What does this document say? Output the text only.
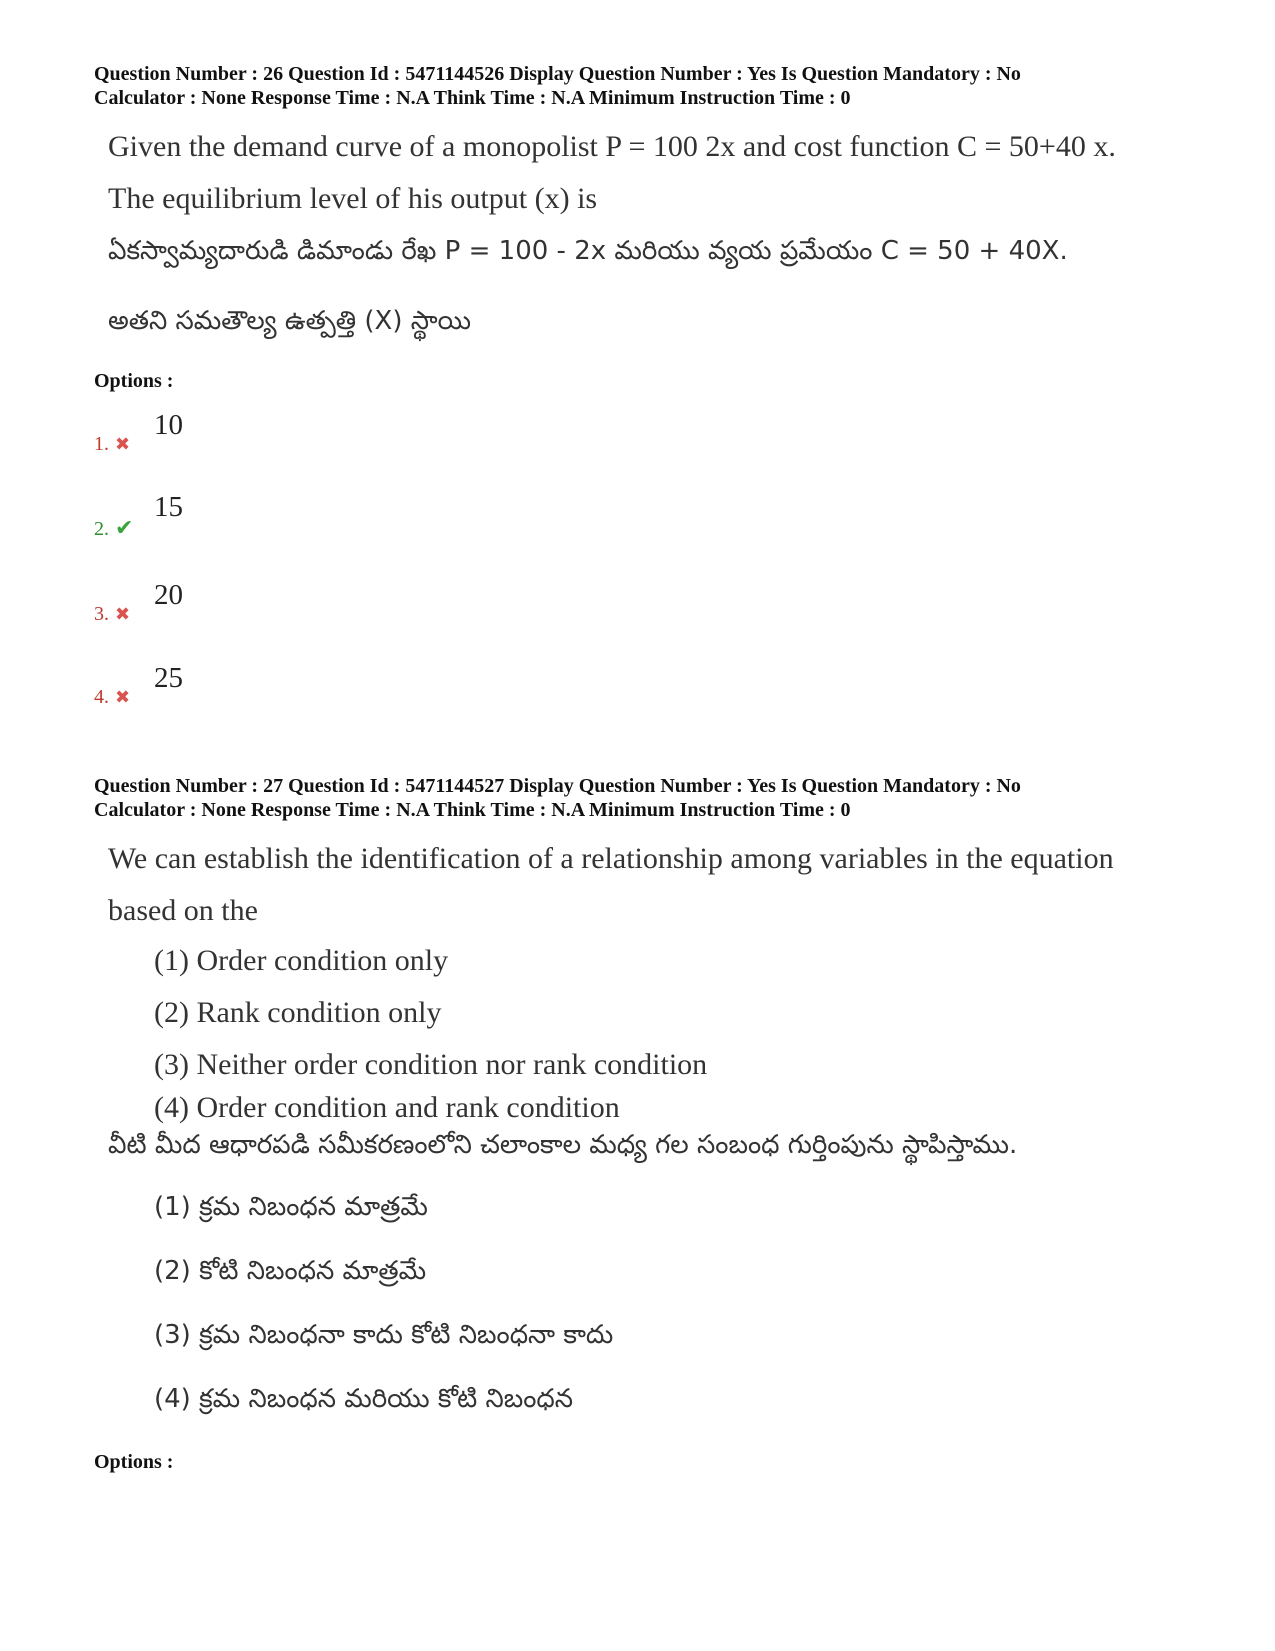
Question Number : 26 Question Id : 5471144526 Display Question Number : Yes Is Question Mandatory : No
Calculator : None Response Time : N.A Think Time : N.A Minimum Instruction Time : 0
Given the demand curve of a monopolist P = 100 2x and cost function C = 50+40 x.
The equilibrium level of his output (x) is
ఏకస్వామ్యదారుడి డిమాండు రేఖ P = 100 - 2x మరియు వ్యయ ప్రమేయం C = 50 + 40X.
అతని సమతౌల్య ఉత్పత్తి (X) స్థాయి
Options :
1. ✖
10
2. ✔
15
3. ✖
20
4. ✖
25
Question Number : 27 Question Id : 5471144527 Display Question Number : Yes Is Question Mandatory : No
Calculator : None Response Time : N.A Think Time : N.A Minimum Instruction Time : 0
We can establish the identification of a relationship among variables in the equation
based on the
(1) Order condition only
(2) Rank condition only
(3) Neither order condition nor rank condition
(4) Order condition and rank condition
వీటి మీద ఆధారపడి సమీకరణంలోని చలాంకాల మధ్య గల సంబంధ గుర్తింపును స్థాపిస్తాము.
(1) క్రమ నిబంధన మాత్రమే
(2) కోటి నిబంధన మాత్రమే
(3) క్రమ నిబంధనా కాదు కోటి నిబంధనా కాదు
(4) క్రమ నిబంధన మరియు కోటి నిబంధన
Options :
